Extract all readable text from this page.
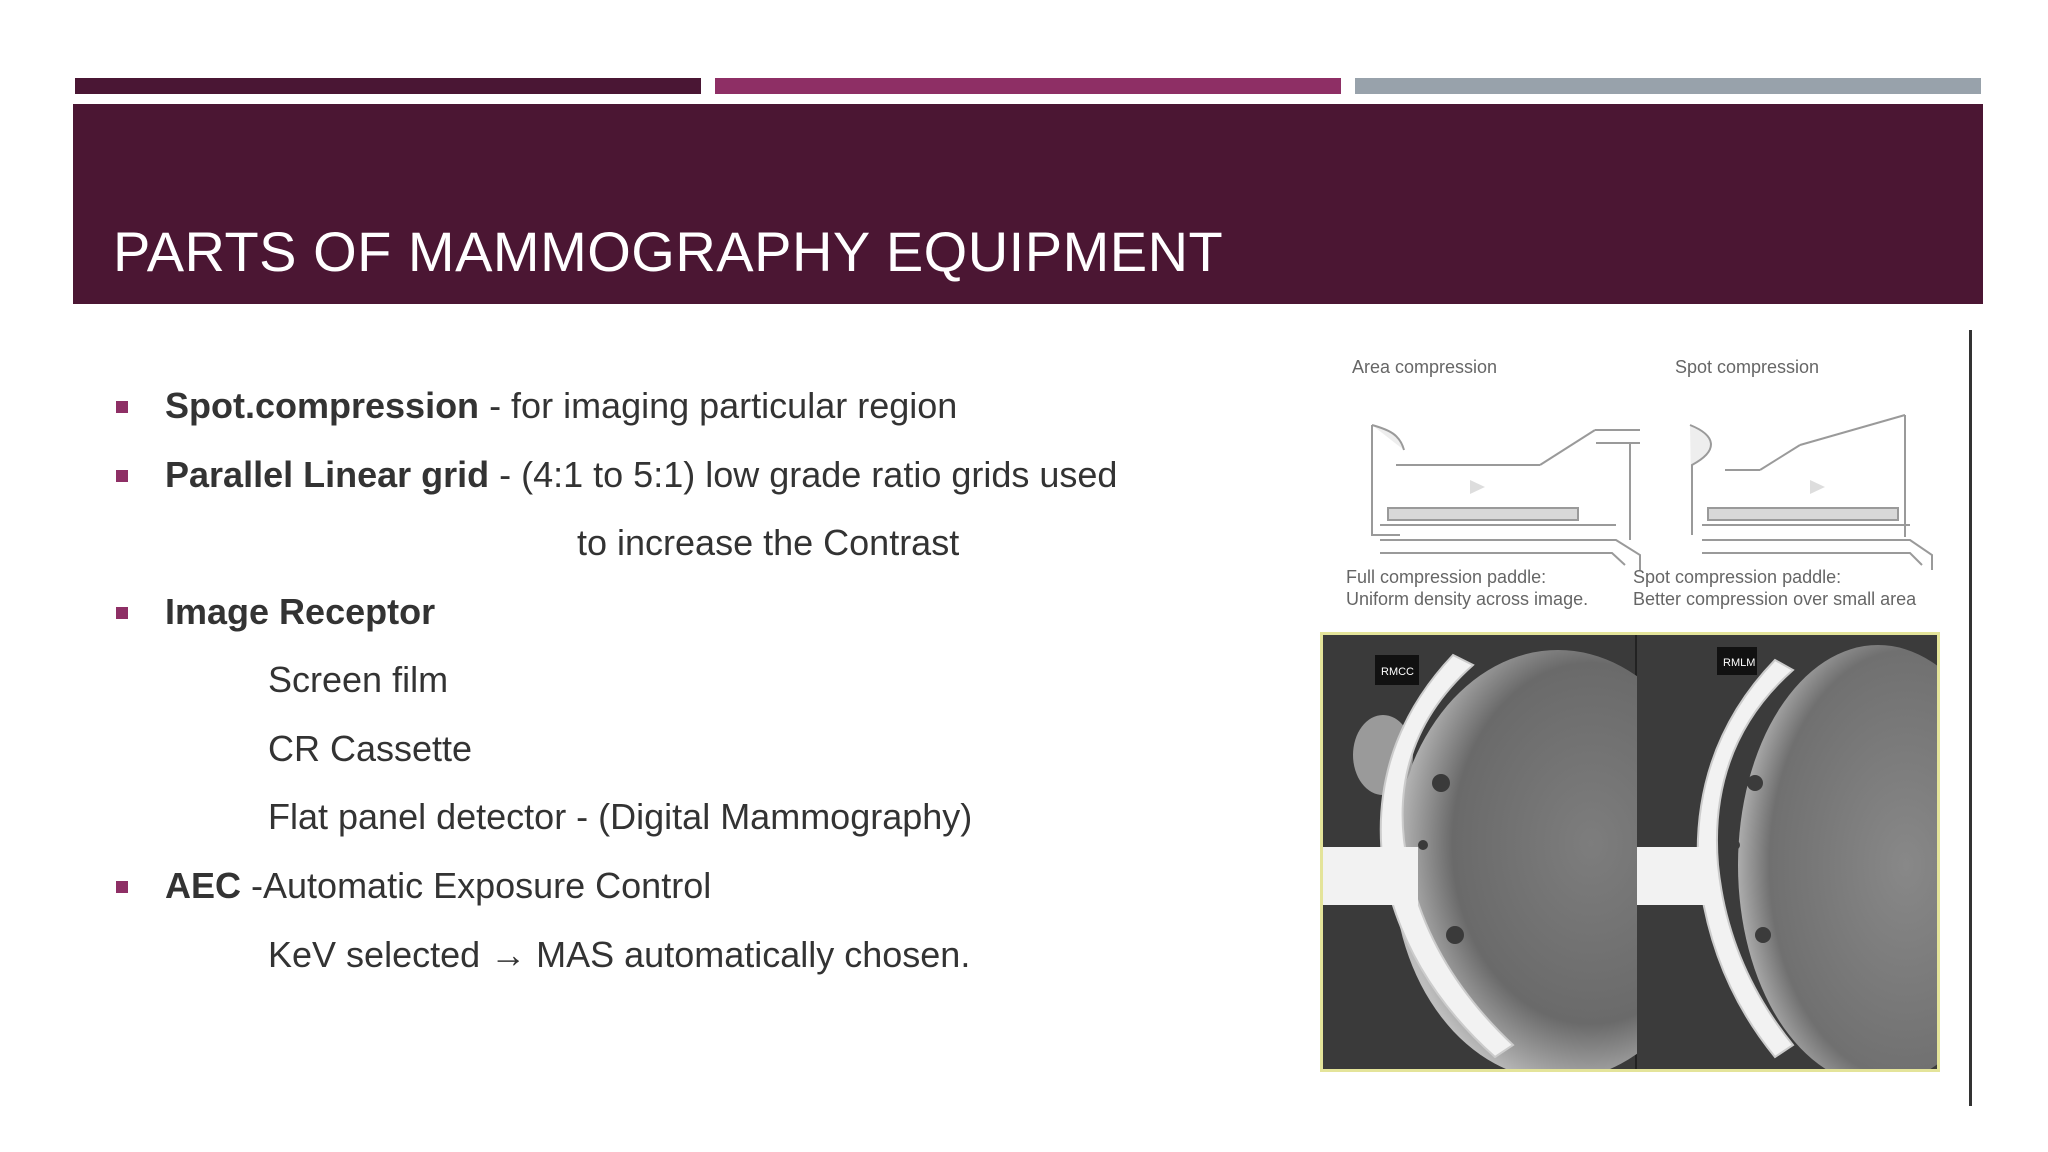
PARTS OF MAMMOGRAPHY EQUIPMENT
Spot.compression - for imaging particular region
Parallel Linear grid - (4:1 to 5:1) low grade ratio grids used
to increase the Contrast
Image Receptor
Screen film
CR Cassette
Flat panel detector - (Digital Mammography)
AEC -Automatic Exposure Control
KeV selected → MAS automatically chosen.
Area compression	Spot compression
Full compression paddle:
Uniform density across image.
Spot compression paddle:
Better compression over small area
RMCC
RMLM
